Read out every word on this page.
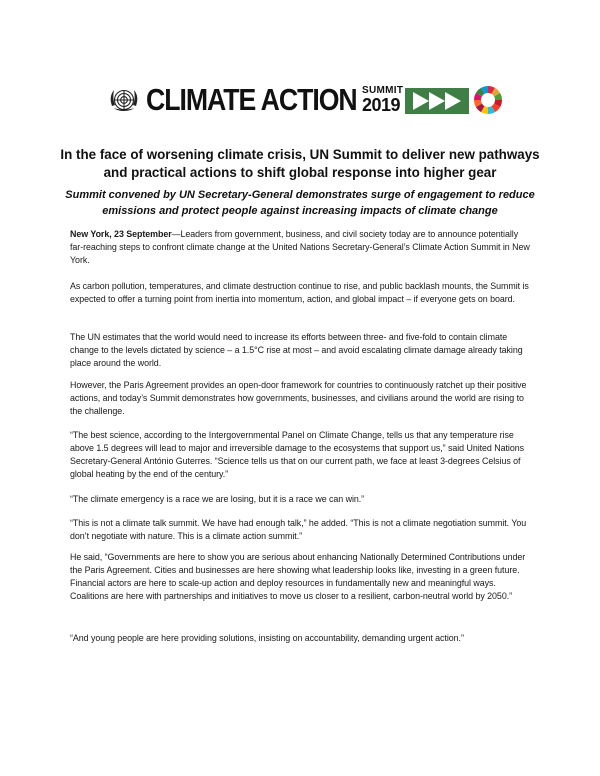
CLIMATE ACTION SUMMIT
2019
In the face of worsening climate crisis, UN Summit to deliver new pathways and practical actions to shift global response into higher gear

Summit convened by UN Secretary-General demonstrates surge of engagement to reduce emissions and protect people against increasing impacts of climate change

New York, 23 September—Leaders from government, business, and civil society today are to announce potentially far-reaching steps to confront climate change at the United Nations Secretary-General’s Climate Action Summit in New York.

As carbon pollution, temperatures, and climate destruction continue to rise, and public backlash mounts, the Summit is expected to offer a turning point from inertia into momentum, action, and global impact – if everyone gets on board.

The UN estimates that the world would need to increase its efforts between three- and five-fold to contain climate change to the levels dictated by science – a 1.5°C rise at most – and avoid escalating climate damage already taking place around the world.

However, the Paris Agreement provides an open-door framework for countries to continuously ratchet up their positive actions, and today’s Summit demonstrates how governments, businesses, and civilians around the world are rising to the challenge.

“The best science, according to the Intergovernmental Panel on Climate Change, tells us that any temperature rise above 1.5 degrees will lead to major and irreversible damage to the ecosystems that support us,” said United Nations Secretary-General António Guterres. “Science tells us that on our current path, we face at least 3-degrees Celsius of global heating by the end of the century.”

“The climate emergency is a race we are losing, but it is a race we can win.”

“This is not a climate talk summit. We have had enough talk,” he added. “This is not a climate negotiation summit. You don’t negotiate with nature. This is a climate action summit.”

He said, “Governments are here to show you are serious about enhancing Nationally Determined Contributions under the Paris Agreement. Cities and businesses are here showing what leadership looks like, investing in a green future. Financial actors are here to scale-up action and deploy resources in fundamentally new and meaningful ways. Coalitions are here with partnerships and initiatives to move us closer to a resilient, carbon-neutral world by 2050.”

“And young people are here providing solutions, insisting on accountability, demanding urgent action.”
